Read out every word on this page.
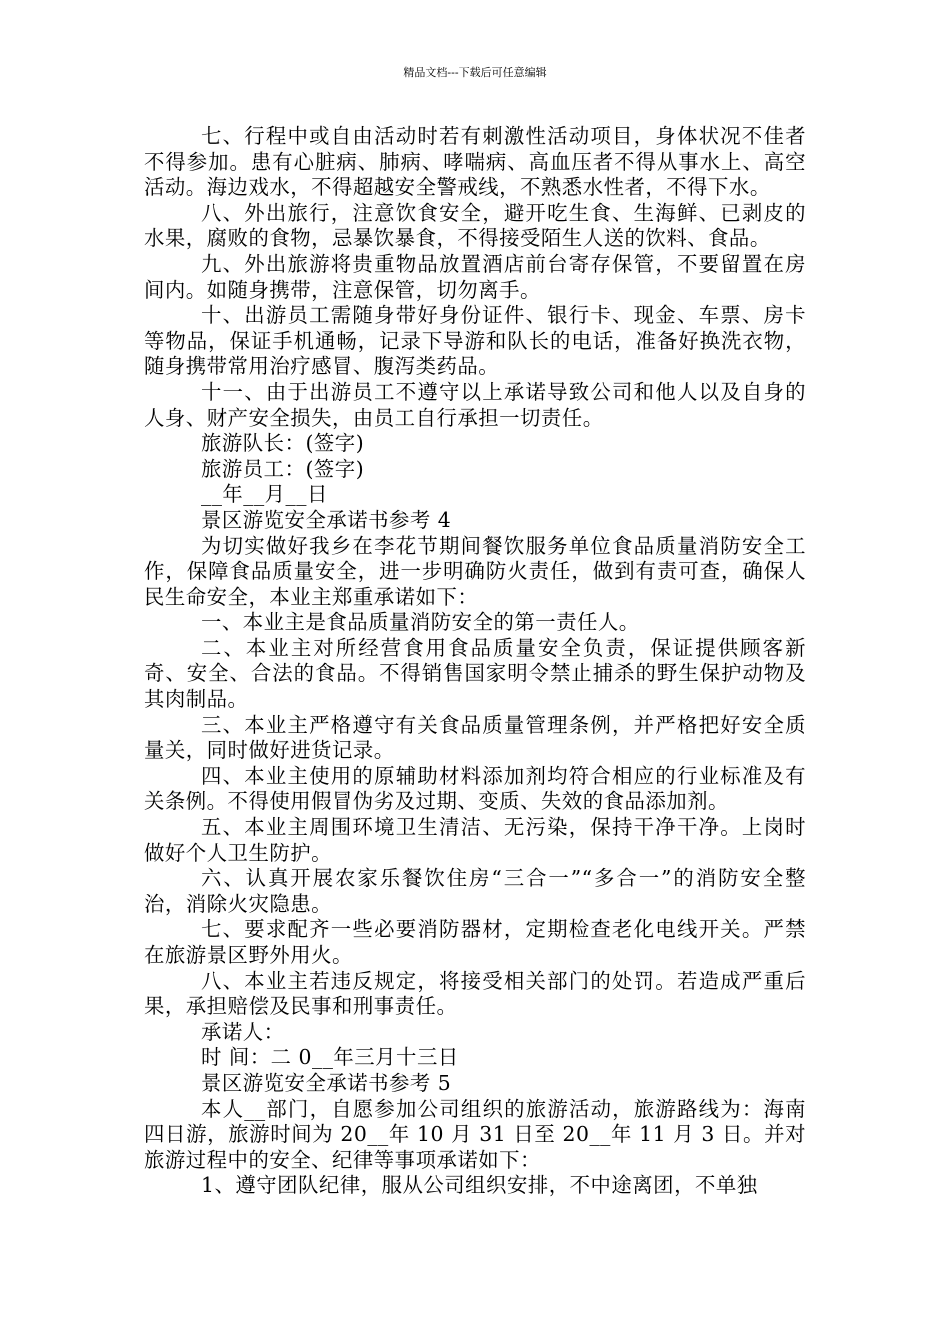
精品文档---下载后可任意编辑

七、行程中或自由活动时若有刺激性活动项目，身体状况不佳者不得参加。患有心脏病、肺病、哮喘病、高血压者不得从事水上、高空活动。海边戏水，不得超越安全警戒线，不熟悉水性者，不得下水。

八、外出旅行，注意饮食安全，避开吃生食、生海鲜、已剥皮的水果，腐败的食物，忌暴饮暴食，不得接受陌生人送的饮料、食品。

九、外出旅游将贵重物品放置酒店前台寄存保管，不要留置在房间内。如随身携带，注意保管，切勿离手。

十、出游员工需随身带好身份证件、银行卡、现金、车票、房卡等物品，保证手机通畅，记录下导游和队长的电话，准备好换洗衣物，随身携带常用治疗感冒、腹泻类药品。

十一、由于出游员工不遵守以上承诺导致公司和他人以及自身的人身、财产安全损失，由员工自行承担一切责任。

旅游队长：(签字)

旅游员工：(签字)

__年__月__日

景区游览安全承诺书参考 4

为切实做好我乡在李花节期间餐饮服务单位食品质量消防安全工作，保障食品质量安全，进一步明确防火责任，做到有责可查，确保人民生命安全，本业主郑重承诺如下：

一、本业主是食品质量消防安全的第一责任人。

二、本业主对所经营食用食品质量安全负责，保证提供顾客新奇、安全、合法的食品。不得销售国家明令禁止捕杀的野生保护动物及其肉制品。

三、本业主严格遵守有关食品质量管理条例，并严格把好安全质量关，同时做好进货记录。

四、本业主使用的原辅助材料添加剂均符合相应的行业标准及有关条例。不得使用假冒伪劣及过期、变质、失效的食品添加剂。

五、本业主周围环境卫生清洁、无污染，保持干净干净。上岗时做好个人卫生防护。

六、认真开展农家乐餐饮住房“三合一”“多合一”的消防安全整治，消除火灾隐患。

七、要求配齐一些必要消防器材，定期检查老化电线开关。严禁在旅游景区野外用火。

八、本业主若违反规定，将接受相关部门的处罚。若造成严重后果，承担赔偿及民事和刑事责任。

承诺人：

时 间：二 0__年三月十三日

景区游览安全承诺书参考 5

本人__部门，自愿参加公司组织的旅游活动，旅游路线为：海南四日游，旅游时间为 20__年 10 月 31 日至 20__年 11 月 3 日。并对旅游过程中的安全、纪律等事项承诺如下：

1、遵守团队纪律，服从公司组织安排，不中途离团，不单独
